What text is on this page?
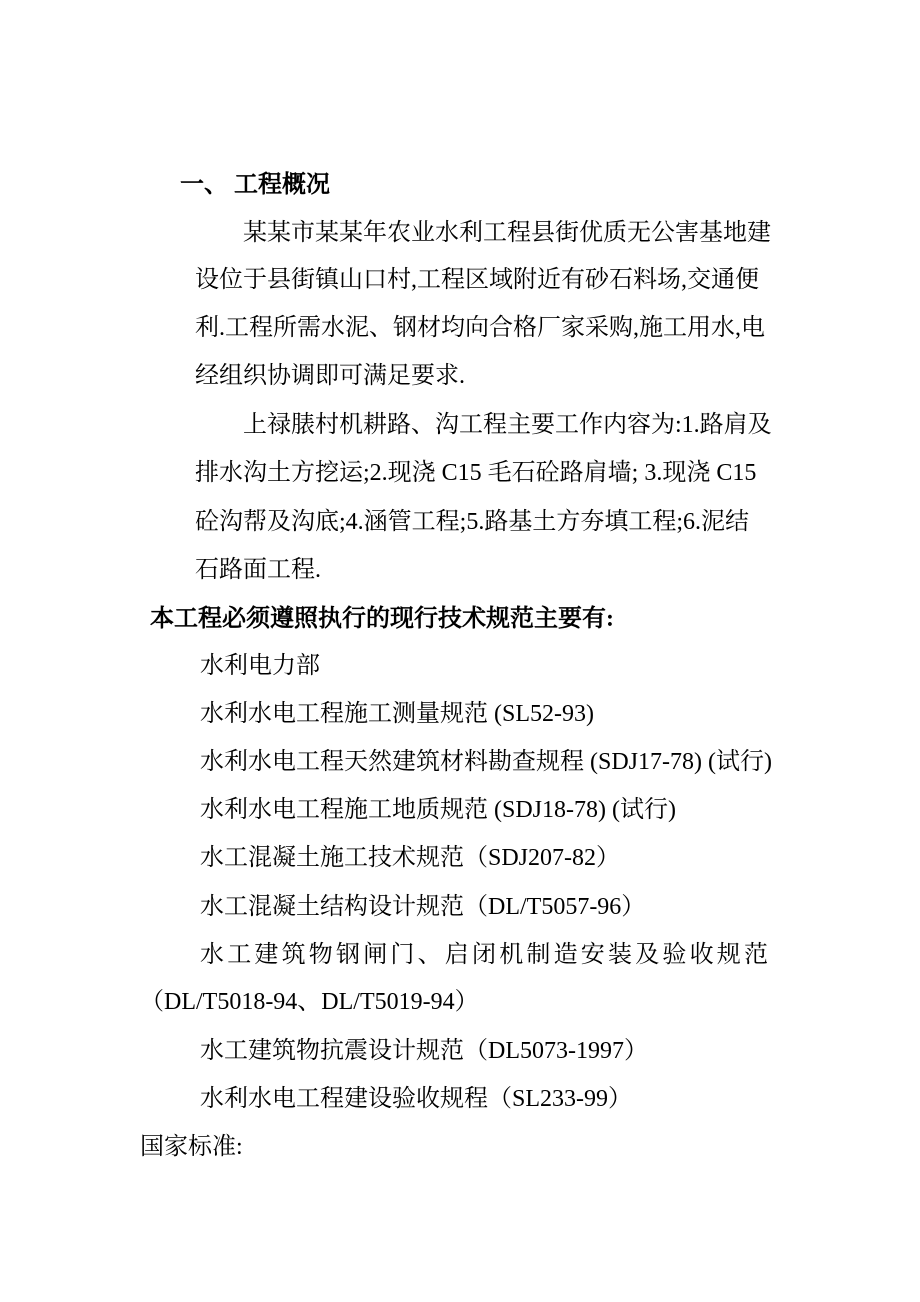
一、 工程概况
某某市某某年农业水利工程县街优质无公害基地建
设位于县街镇山口村,工程区域附近有砂石料场,交通便
利.工程所需水泥、钢材均向合格厂家采购,施工用水,电
经组织协调即可满足要求.
上禄脿村机耕路、沟工程主要工作内容为:1.路肩及
排水沟土方挖运;2.现浇 C15 毛石砼路肩墙; 3.现浇 C15
砼沟帮及沟底;4.涵管工程;5.路基土方夯填工程;6.泥结
石路面工程.
本工程必须遵照执行的现行技术规范主要有:
水利电力部
水利水电工程施工测量规范 (SL52-93)
水利水电工程天然建筑材料勘查规程 (SDJ17-78) (试行)
水利水电工程施工地质规范 (SDJ18-78) (试行)
水工混凝土施工技术规范（SDJ207-82）
水工混凝土结构设计规范（DL/T5057-96）
水工建筑物钢闸门、启闭机制造安装及验收规范
（DL/T5018-94、DL/T5019-94）
水工建筑物抗震设计规范（DL5073-1997）
水利水电工程建设验收规程（SL233-99）
国家标准:
